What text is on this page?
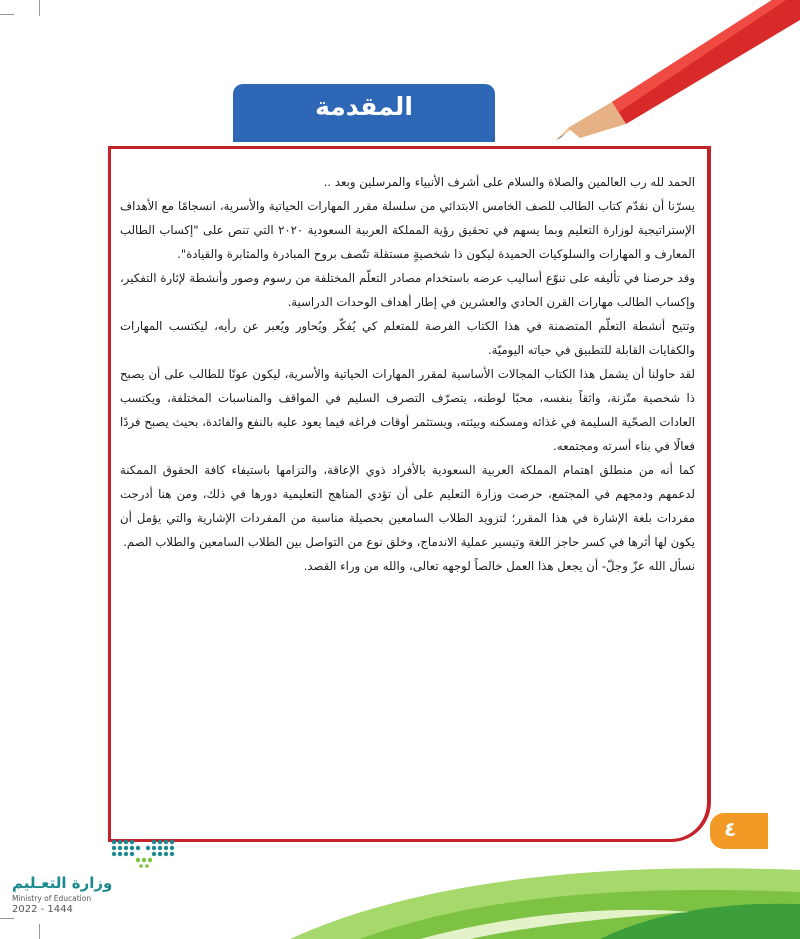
المقدمة

الحمد لله رب العالمين والصلاة والسلام على أشرف الأنبياء والمرسلين وبعد ..

يسرّنا أن نقدّم كتاب الطالب للصف الخامس الابتدائي من سلسلة مقرر المهارات الحياتية والأسرية، انسجامًا مع الأهداف الإستراتيجية لوزارة التعليم وبما يسهم في تحقيق رؤية المملكة العربية السعودية ٢٠٢٠ التي تنص على "إكساب الطالب المعارف و المهارات والسلوكيات الحميدة ليكون ذا شخصيةٍ مستقلة تتّصف بروح المبادرة والمثابرة والقيادة".

وقد حرصنا في تأليفه على تنوّع أساليب عرضه باستخدام مصادر التعلّم المختلفة من رسوم وصور وأنشطة لإثارة التفكير، وإكساب الطالب مهارات القرن الحادي والعشرين في إطار أهداف الوحدات الدراسية.

وتتيح أنشطة التعلّم المتضمنة في هذا الكتاب الفرصة للمتعلم كي يُفكّر ويُحاور ويُعبر عن رأيه، ليكتسب المهارات والكفايات القابلة للتطبيق في حياته اليوميّة.

لقد حاولنا أن يشمل هذا الكتاب المجالات الأساسية لمقرر المهارات الحياتية والأسرية، ليكون عونًا للطالب على أن يصبح ذا شخصية متّزنة، واثقاً بنفسه، محبًا لوطنه، يتصرّف التصرف السليم في المواقف والمناسبات المختلفة، ويكتسب العادات الصحّية السليمة في غذائه ومسكنه وبيئته، ويستثمر أوقات فراغه فيما يعود عليه بالنفع والفائدة، بحيث يصبح فردًا فعالًا في بناء أسرته ومجتمعه.

كما أنه من منطلق اهتمام المملكة العربية السعودية بالأفراد ذوي الإعاقة، والتزامها باستيفاء كافة الحقوق الممكنة لدعمهم ودمجهم في المجتمع، حرصت وزارة التعليم على أن تؤدي المناهج التعليمية دورها في ذلك، ومن هنا أدرجت مفردات بلغة الإشارة في هذا المقرر؛ لتزويد الطلاب السامعين بحصيلة مناسبة من المفردات الإشارية والتي يؤمل أن يكون لها أثرها في كسر حاجز اللغة وتيسير عملية الاندماج، وخلق نوع من التواصل بين الطلاب السامعين والطلاب الصم.

نسأل الله عزّ وجلّ- أن يجعل هذا العمل خالصاً لوجهه تعالى، والله من وراء القصد.

٤
وزارة التعـليم
Ministry of Education
2022 - 1444
